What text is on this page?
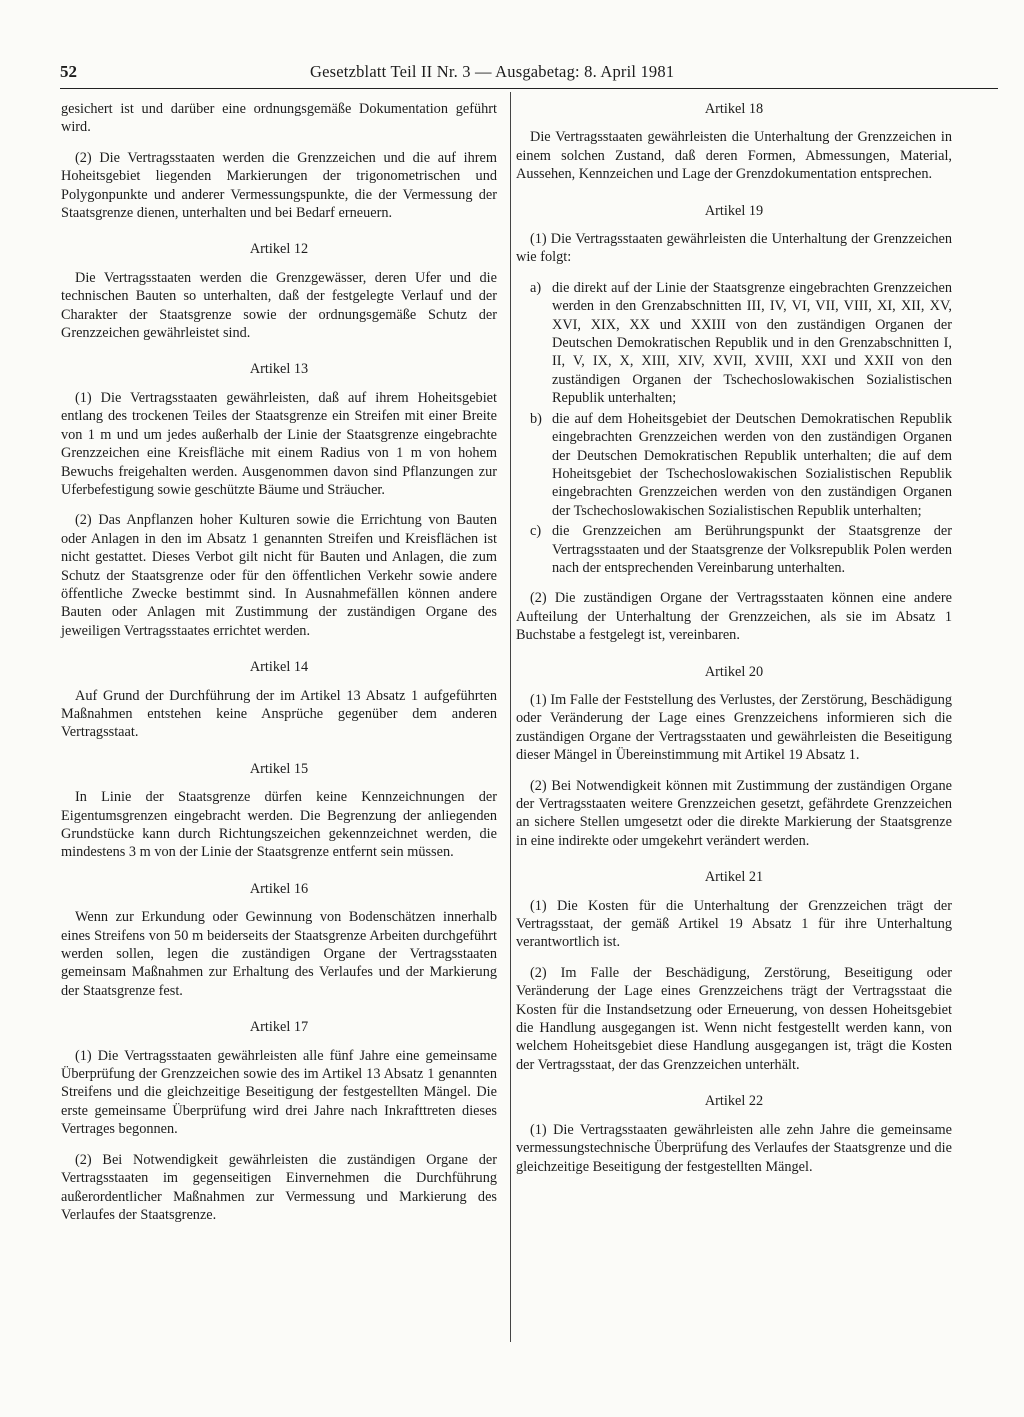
52	Gesetzblatt Teil II Nr. 3 — Ausgabetag: 8. April 1981

gesichert ist und darüber eine ordnungsgemäße Dokumentation geführt wird.

(2) Die Vertragsstaaten werden die Grenzzeichen und die auf ihrem Hoheitsgebiet liegenden Markierungen der trigonometrischen und Polygonpunkte und anderer Vermessungspunkte, die der Vermessung der Staatsgrenze dienen, unterhalten und bei Bedarf erneuern.

Artikel 12

Die Vertragsstaaten werden die Grenzgewässer, deren Ufer und die technischen Bauten so unterhalten, daß der festgelegte Verlauf und der Charakter der Staatsgrenze sowie der ordnungsgemäße Schutz der Grenzzeichen gewährleistet sind.

Artikel 13

(1) Die Vertragsstaaten gewährleisten, daß auf ihrem Hoheitsgebiet entlang des trockenen Teiles der Staatsgrenze ein Streifen mit einer Breite von 1 m und um jedes außerhalb der Linie der Staatsgrenze eingebrachte Grenzzeichen eine Kreisfläche mit einem Radius von 1 m von hohem Bewuchs freigehalten werden. Ausgenommen davon sind Pflanzungen zur Uferbefestigung sowie geschützte Bäume und Sträucher.

(2) Das Anpflanzen hoher Kulturen sowie die Errichtung von Bauten oder Anlagen in den im Absatz 1 genannten Streifen und Kreisflächen ist nicht gestattet. Dieses Verbot gilt nicht für Bauten und Anlagen, die zum Schutz der Staatsgrenze oder für den öffentlichen Verkehr sowie andere öffentliche Zwecke bestimmt sind. In Ausnahmefällen können andere Bauten oder Anlagen mit Zustimmung der zuständigen Organe des jeweiligen Vertragsstaates errichtet werden.

Artikel 14

Auf Grund der Durchführung der im Artikel 13 Absatz 1 aufgeführten Maßnahmen entstehen keine Ansprüche gegenüber dem anderen Vertragsstaat.

Artikel 15

In Linie der Staatsgrenze dürfen keine Kennzeichnungen der Eigentumsgrenzen eingebracht werden. Die Begrenzung der anliegenden Grundstücke kann durch Richtungszeichen gekennzeichnet werden, die mindestens 3 m von der Linie der Staatsgrenze entfernt sein müssen.

Artikel 16

Wenn zur Erkundung oder Gewinnung von Bodenschätzen innerhalb eines Streifens von 50 m beiderseits der Staatsgrenze Arbeiten durchgeführt werden sollen, legen die zuständigen Organe der Vertragsstaaten gemeinsam Maßnahmen zur Erhaltung des Verlaufes und der Markierung der Staatsgrenze fest.

Artikel 17

(1) Die Vertragsstaaten gewährleisten alle fünf Jahre eine gemeinsame Überprüfung der Grenzzeichen sowie des im Artikel 13 Absatz 1 genannten Streifens und die gleichzeitige Beseitigung der festgestellten Mängel. Die erste gemeinsame Überprüfung wird drei Jahre nach Inkrafttreten dieses Vertrages begonnen.

(2) Bei Notwendigkeit gewährleisten die zuständigen Organe der Vertragsstaaten im gegenseitigen Einvernehmen die Durchführung außerordentlicher Maßnahmen zur Vermessung und Markierung des Verlaufes der Staatsgrenze.

Artikel 18

Die Vertragsstaaten gewährleisten die Unterhaltung der Grenzzeichen in einem solchen Zustand, daß deren Formen, Abmessungen, Material, Aussehen, Kennzeichen und Lage der Grenzdokumentation entsprechen.

Artikel 19

(1) Die Vertragsstaaten gewährleisten die Unterhaltung der Grenzzeichen wie folgt:

a) die direkt auf der Linie der Staatsgrenze eingebrachten Grenzzeichen werden in den Grenzabschnitten III, IV, VI, VII, VIII, XI, XII, XV, XVI, XIX, XX und XXIII von den zuständigen Organen der Deutschen Demokratischen Republik und in den Grenzabschnitten I, II, V, IX, X, XIII, XIV, XVII, XVIII, XXI und XXII von den zuständigen Organen der Tschechoslowakischen Sozialistischen Republik unterhalten;
b) die auf dem Hoheitsgebiet der Deutschen Demokratischen Republik eingebrachten Grenzzeichen werden von den zuständigen Organen der Deutschen Demokratischen Republik unterhalten; die auf dem Hoheitsgebiet der Tschechoslowakischen Sozialistischen Republik eingebrachten Grenzzeichen werden von den zuständigen Organen der Tschechoslowakischen Sozialistischen Republik unterhalten;
c) die Grenzzeichen am Berührungspunkt der Staatsgrenze der Vertragsstaaten und der Staatsgrenze der Volksrepublik Polen werden nach der entsprechenden Vereinbarung unterhalten.

(2) Die zuständigen Organe der Vertragsstaaten können eine andere Aufteilung der Unterhaltung der Grenzzeichen, als sie im Absatz 1 Buchstabe a festgelegt ist, vereinbaren.

Artikel 20

(1) Im Falle der Feststellung des Verlustes, der Zerstörung, Beschädigung oder Veränderung der Lage eines Grenzzeichens informieren sich die zuständigen Organe der Vertragsstaaten und gewährleisten die Beseitigung dieser Mängel in Übereinstimmung mit Artikel 19 Absatz 1.

(2) Bei Notwendigkeit können mit Zustimmung der zuständigen Organe der Vertragsstaaten weitere Grenzzeichen gesetzt, gefährdete Grenzzeichen an sichere Stellen umgesetzt oder die direkte Markierung der Staatsgrenze in eine indirekte oder umgekehrt verändert werden.

Artikel 21

(1) Die Kosten für die Unterhaltung der Grenzzeichen trägt der Vertragsstaat, der gemäß Artikel 19 Absatz 1 für ihre Unterhaltung verantwortlich ist.

(2) Im Falle der Beschädigung, Zerstörung, Beseitigung oder Veränderung der Lage eines Grenzzeichens trägt der Vertragsstaat die Kosten für die Instandsetzung oder Erneuerung, von dessen Hoheitsgebiet die Handlung ausgegangen ist. Wenn nicht festgestellt werden kann, von welchem Hoheitsgebiet diese Handlung ausgegangen ist, trägt die Kosten der Vertragsstaat, der das Grenzzeichen unterhält.

Artikel 22

(1) Die Vertragsstaaten gewährleisten alle zehn Jahre die gemeinsame vermessungstechnische Überprüfung des Verlaufes der Staatsgrenze und die gleichzeitige Beseitigung der festgestellten Mängel.
